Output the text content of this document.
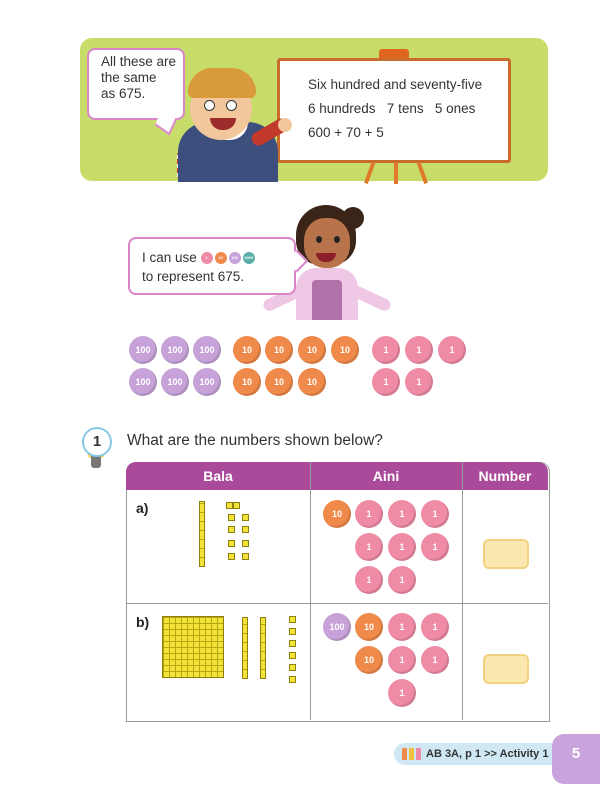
Six hundred and seventy-five
6 hundreds   7 tens   5 ones
600 + 70 + 5
All these are
the same
as 675.
I can use 1	10 100 1000
to represent 675.
100	100	100
100	100	100
10	10	10	10
10	10	10
1	1	1
1	1
1	What are the numbers shown below?
Bala	Aini	Number
a)	10	1	1	1
1	1	1
1	1
b)	100	10	1	1
10	1	1
1
AB 3A, p 1 >> Activity 1	5
